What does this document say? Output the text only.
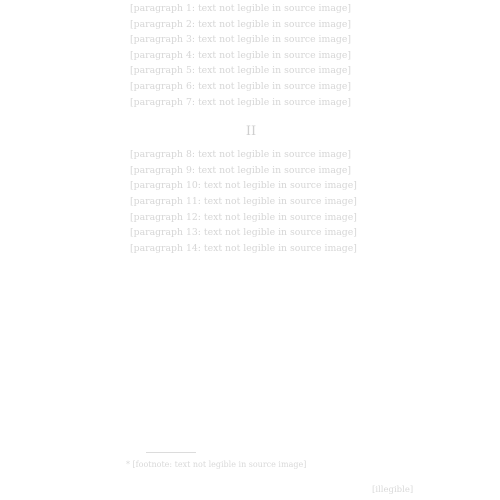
[paragraph 1: text not legible in source image]

[paragraph 2: text not legible in source image]

[paragraph 3: text not legible in source image]

[paragraph 4: text not legible in source image]

[paragraph 5: text not legible in source image]

[paragraph 6: text not legible in source image]

[paragraph 7: text not legible in source image]

II

[paragraph 8: text not legible in source image]

[paragraph 9: text not legible in source image]

[paragraph 10: text not legible in source image]

[paragraph 11: text not legible in source image]

[paragraph 12: text not legible in source image]

[paragraph 13: text not legible in source image]

[paragraph 14: text not legible in source image]

* [footnote: text not legible in source image]
[illegible]
